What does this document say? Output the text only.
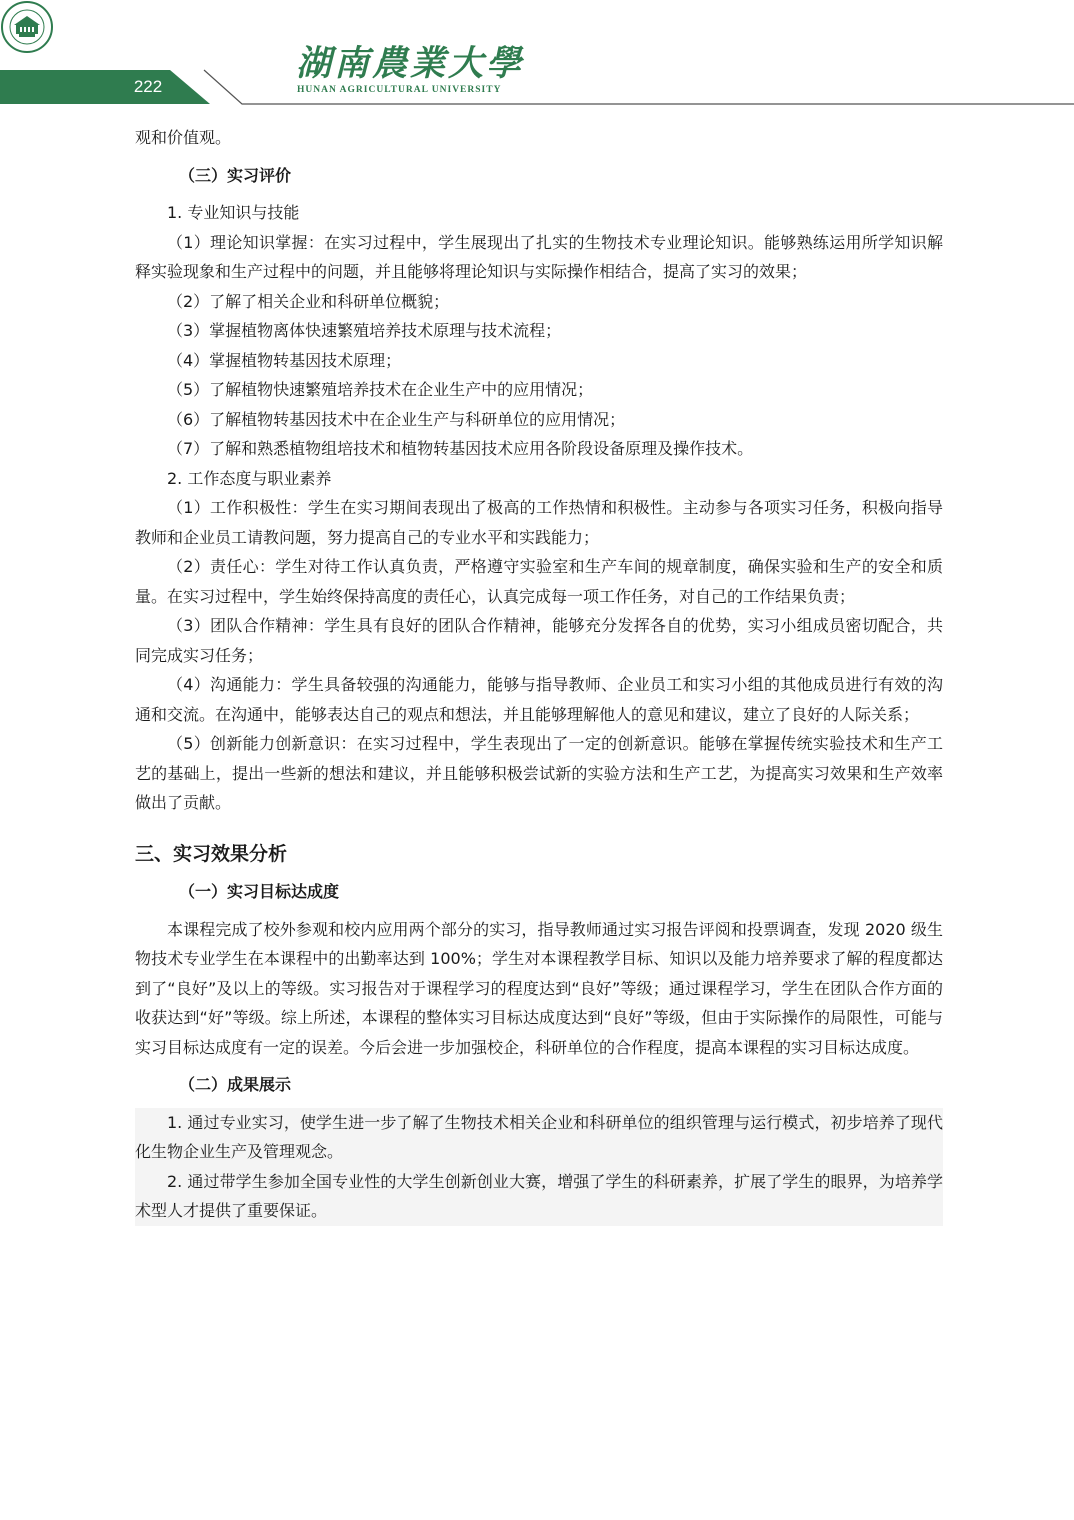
222
湖南農業大學
HUNAN AGRICULTURAL UNIVERSITY

观和价值观。

（三）实习评价

1. 专业知识与技能

（1）理论知识掌握：在实习过程中，学生展现出了扎实的生物技术专业理论知识。能够熟练运用所学知识解释实验现象和生产过程中的问题，并且能够将理论知识与实际操作相结合，提高了实习的效果；

（2）了解了相关企业和科研单位概貌；

（3）掌握植物离体快速繁殖培养技术原理与技术流程；

（4）掌握植物转基因技术原理；

（5）了解植物快速繁殖培养技术在企业生产中的应用情况；

（6）了解植物转基因技术中在企业生产与科研单位的应用情况；

（7）了解和熟悉植物组培技术和植物转基因技术应用各阶段设备原理及操作技术。

2. 工作态度与职业素养

（1）工作积极性：学生在实习期间表现出了极高的工作热情和积极性。主动参与各项实习任务，积极向指导教师和企业员工请教问题，努力提高自己的专业水平和实践能力；

（2）责任心：学生对待工作认真负责，严格遵守实验室和生产车间的规章制度，确保实验和生产的安全和质量。在实习过程中，学生始终保持高度的责任心，认真完成每一项工作任务，对自己的工作结果负责；

（3）团队合作精神：学生具有良好的团队合作精神，能够充分发挥各自的优势，实习小组成员密切配合，共同完成实习任务；

（4）沟通能力：学生具备较强的沟通能力，能够与指导教师、企业员工和实习小组的其他成员进行有效的沟通和交流。在沟通中，能够表达自己的观点和想法，并且能够理解他人的意见和建议，建立了良好的人际关系；

（5）创新能力创新意识：在实习过程中，学生表现出了一定的创新意识。能够在掌握传统实验技术和生产工艺的基础上，提出一些新的想法和建议，并且能够积极尝试新的实验方法和生产工艺，为提高实习效果和生产效率做出了贡献。

三、实习效果分析

（一）实习目标达成度

本课程完成了校外参观和校内应用两个部分的实习，指导教师通过实习报告评阅和投票调查，发现 2020 级生物技术专业学生在本课程中的出勤率达到 100%；学生对本课程教学目标、知识以及能力培养要求了解的程度都达到了“良好”及以上的等级。实习报告对于课程学习的程度达到“良好”等级；通过课程学习，学生在团队合作方面的收获达到“好”等级。综上所述，本课程的整体实习目标达成度达到“良好”等级，但由于实际操作的局限性，可能与实习目标达成度有一定的误差。今后会进一步加强校企，科研单位的合作程度，提高本课程的实习目标达成度。

（二）成果展示

1. 通过专业实习，使学生进一步了解了生物技术相关企业和科研单位的组织管理与运行模式，初步培养了现代化生物企业生产及管理观念。

2. 通过带学生参加全国专业性的大学生创新创业大赛，增强了学生的科研素养，扩展了学生的眼界，为培养学术型人才提供了重要保证。
